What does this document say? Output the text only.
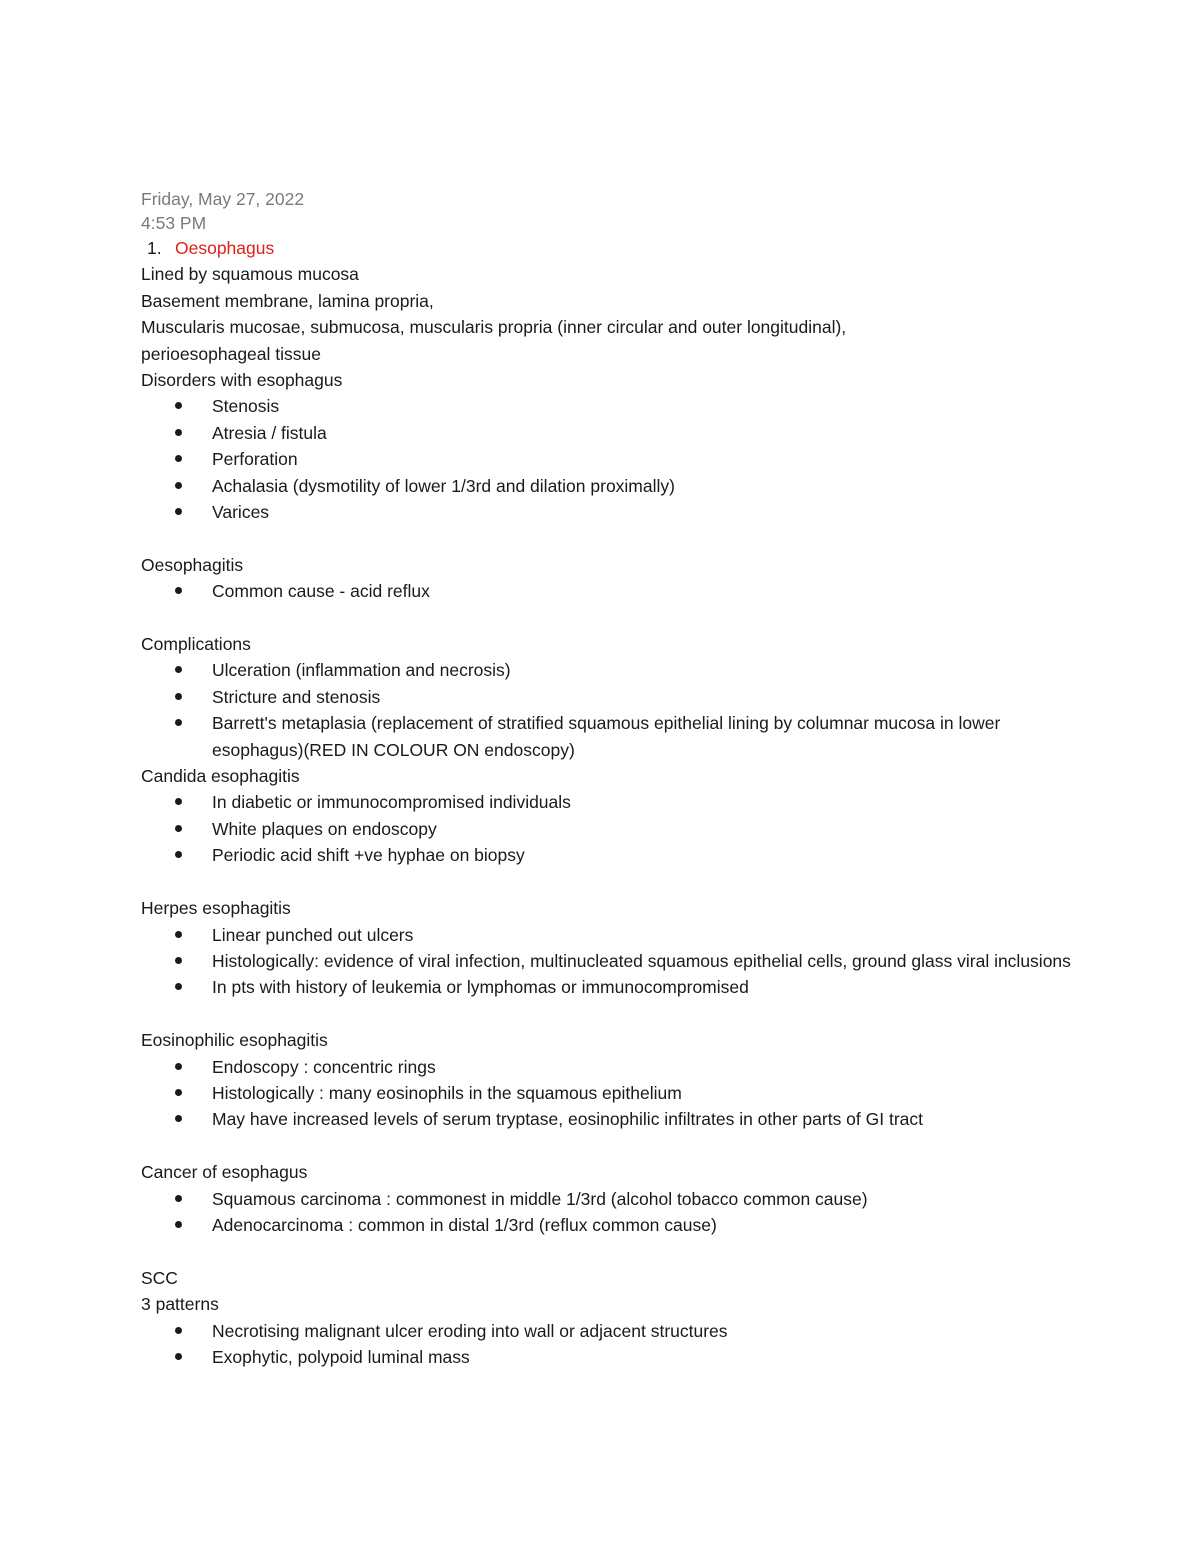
Friday, May 27, 2022
4:53 PM
1. Oesophagus
Lined by squamous mucosa
Basement membrane, lamina propria,
Muscularis mucosae, submucosa, muscularis propria (inner circular and outer longitudinal),
perioesophageal tissue
Disorders with esophagus
Stenosis
Atresia / fistula
Perforation
Achalasia (dysmotility of lower 1/3rd and dilation proximally)
Varices
Oesophagitis
Common cause - acid reflux
Complications
Ulceration (inflammation and necrosis)
Stricture and stenosis
Barrett's metaplasia (replacement of stratified squamous epithelial lining by columnar mucosa in lower esophagus)(RED IN COLOUR ON endoscopy)
Candida esophagitis
In diabetic or immunocompromised individuals
White plaques on endoscopy
Periodic acid shift +ve hyphae on biopsy
Herpes esophagitis
Linear punched out ulcers
Histologically: evidence of viral infection, multinucleated squamous epithelial cells, ground glass viral inclusions
In pts with history of leukemia or lymphomas or immunocompromised
Eosinophilic esophagitis
Endoscopy : concentric rings
Histologically : many eosinophils in the squamous epithelium
May have increased levels of serum tryptase, eosinophilic infiltrates in other parts of GI tract
Cancer of esophagus
Squamous carcinoma : commonest in middle 1/3rd (alcohol tobacco common cause)
Adenocarcinoma : common in distal 1/3rd (reflux common cause)
SCC
3 patterns
Necrotising malignant ulcer eroding into wall or adjacent structures
Exophytic, polypoid luminal mass
